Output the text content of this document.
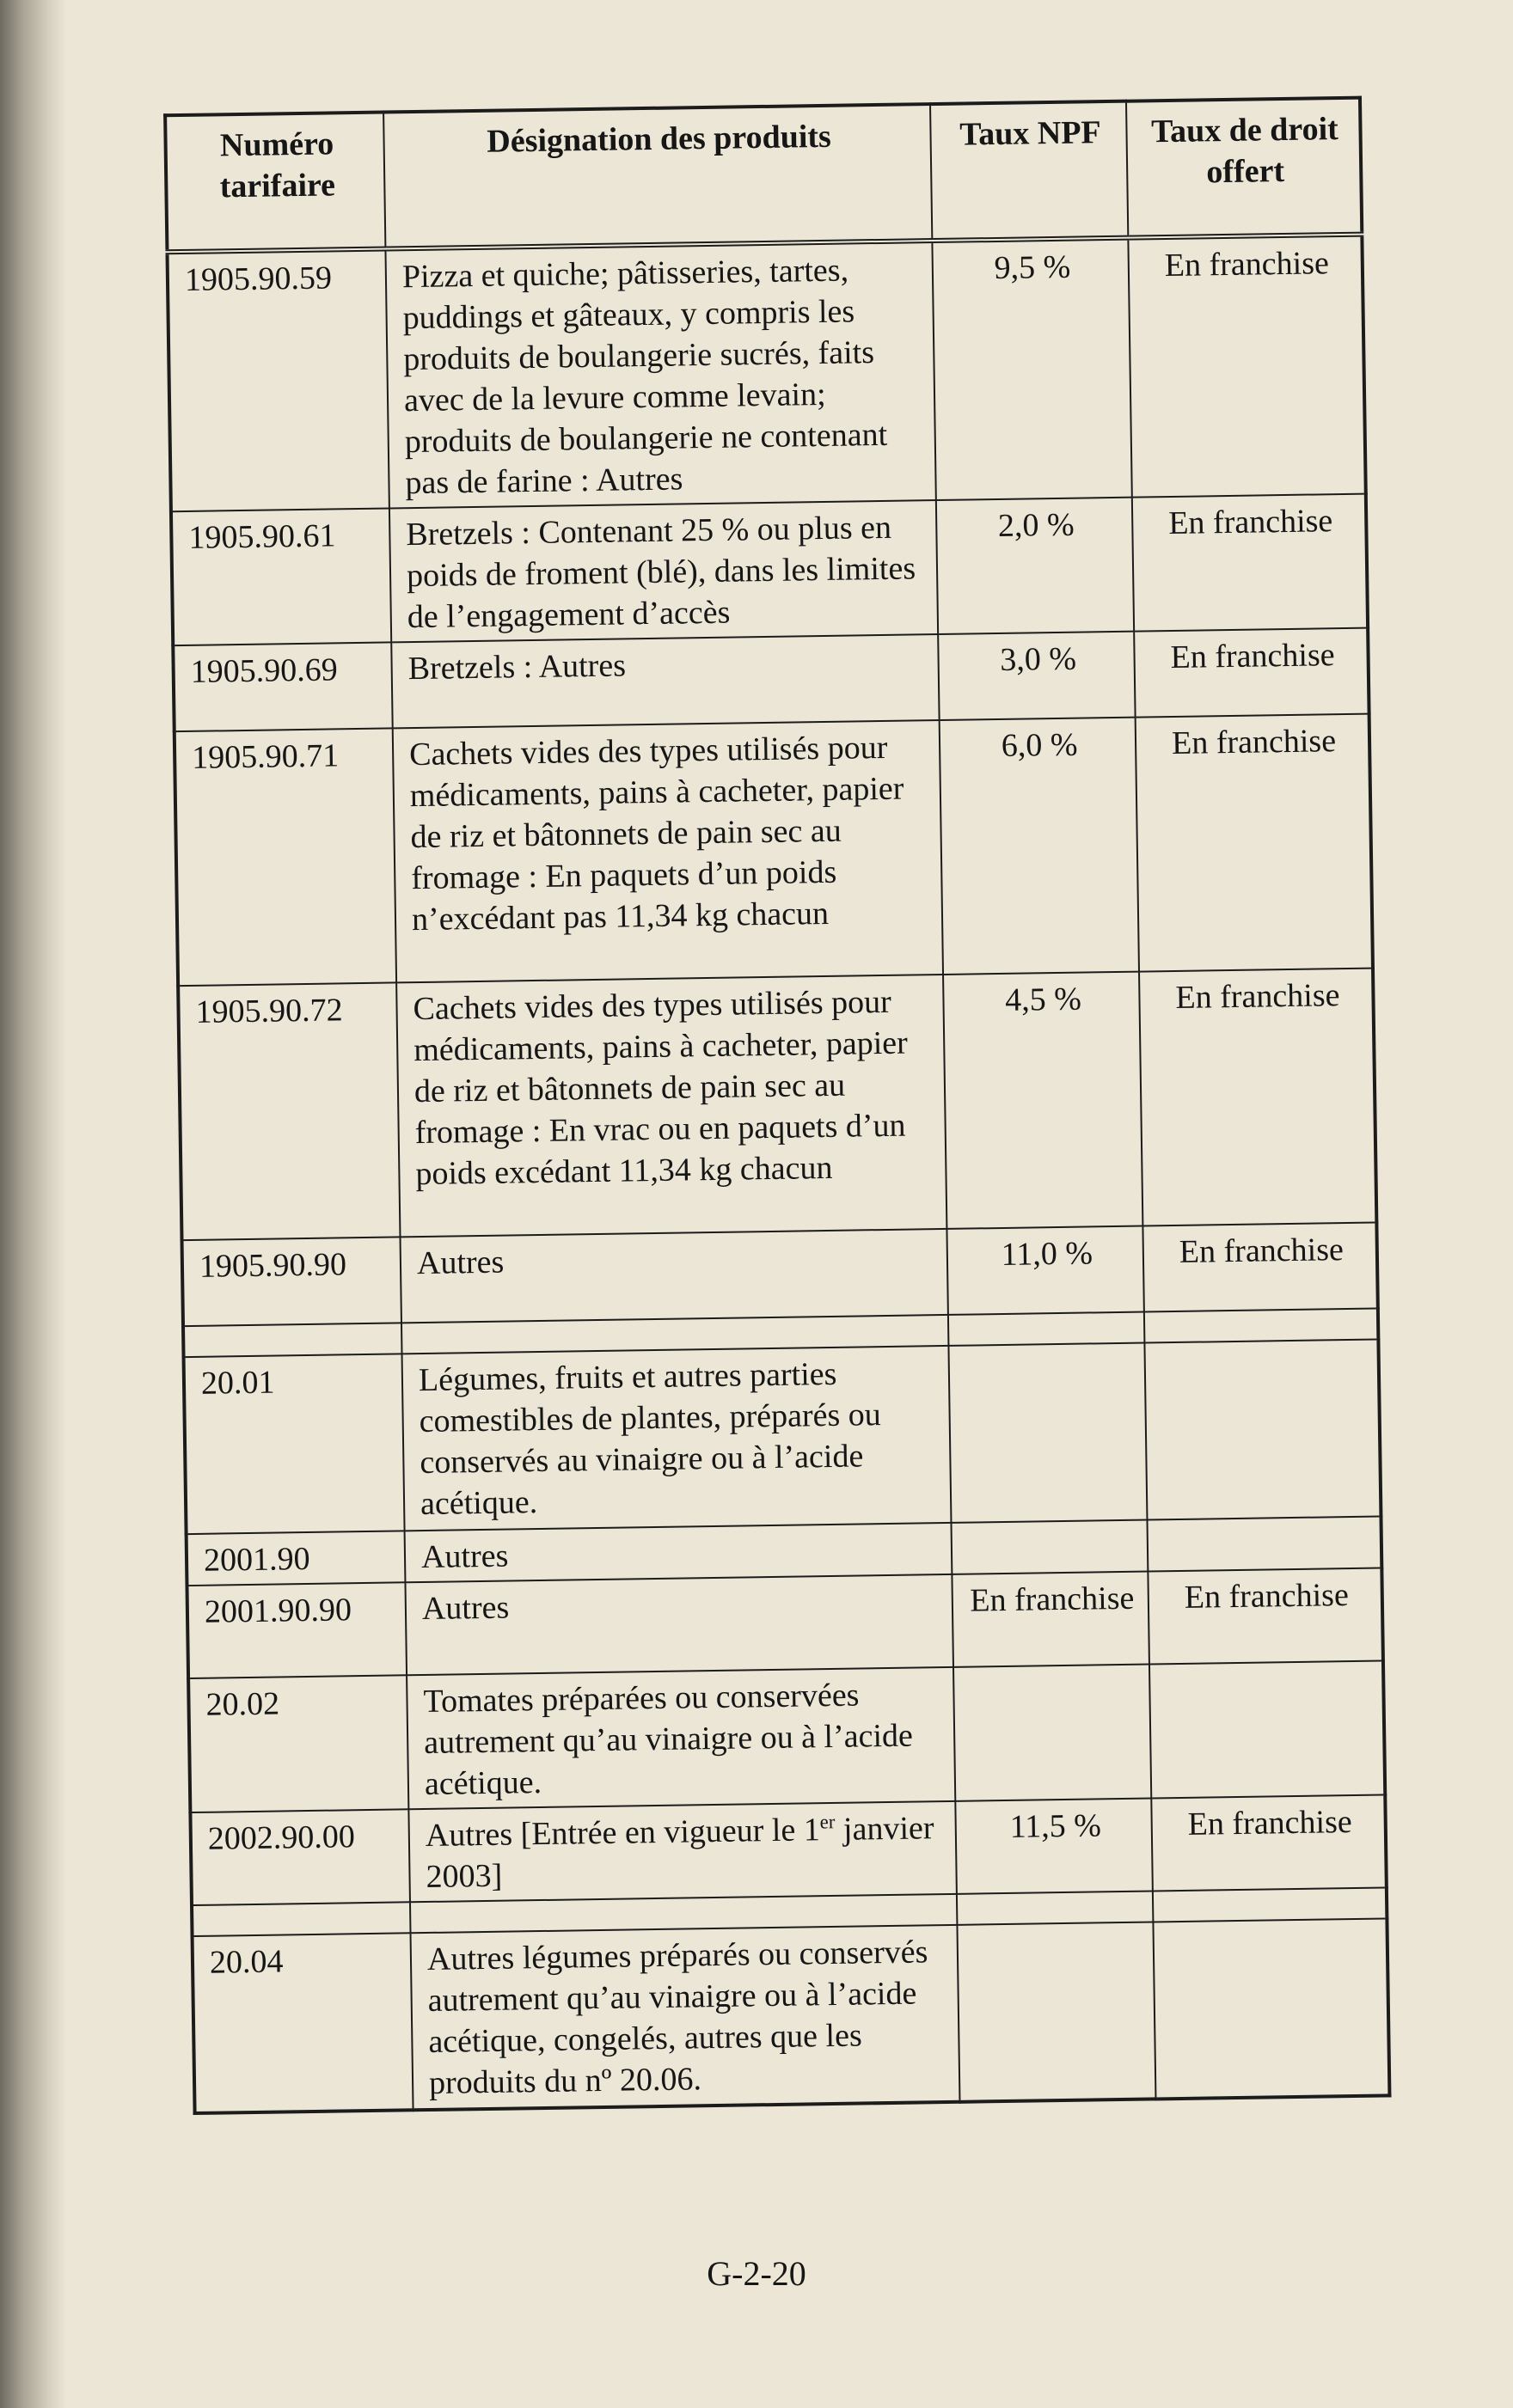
Numéro tarifaire	Désignation des produits	Taux NPF	Taux de droit offert
1905.90.59	Pizza et quiche; pâtisseries, tartes, puddings et gâteaux, y compris les produits de boulangerie sucrés, faits avec de la levure comme levain; produits de boulangerie ne contenant pas de farine : Autres	9,5 %	En franchise
1905.90.61	Bretzels : Contenant 25 % ou plus en poids de froment (blé), dans les limites de l’engagement d’accès	2,0 %	En franchise
1905.90.69	Bretzels : Autres	3,0 %	En franchise
1905.90.71	Cachets vides des types utilisés pour médicaments, pains à cacheter, papier de riz et bâtonnets de pain sec au fromage : En paquets d’un poids n’excédant pas 11,34 kg chacun	6,0 %	En franchise
1905.90.72	Cachets vides des types utilisés pour médicaments, pains à cacheter, papier de riz et bâtonnets de pain sec au fromage : En vrac ou en paquets d’un poids excédant 11,34 kg chacun	4,5 %	En franchise
1905.90.90	Autres	11,0 %	En franchise

20.01	Légumes, fruits et autres parties comestibles de plantes, préparés ou conservés au vinaigre ou à l’acide acétique.		
2001.90	Autres		
2001.90.90	Autres	En franchise	En franchise
20.02	Tomates préparées ou conservées autrement qu’au vinaigre ou à l’acide acétique.		
2002.90.00	Autres [Entrée en vigueur le 1er janvier 2003]	11,5 %	En franchise

20.04	Autres légumes préparés ou conservés autrement qu’au vinaigre ou à l’acide acétique, congelés, autres que les produits du nº 20.06.		
G-2-20
